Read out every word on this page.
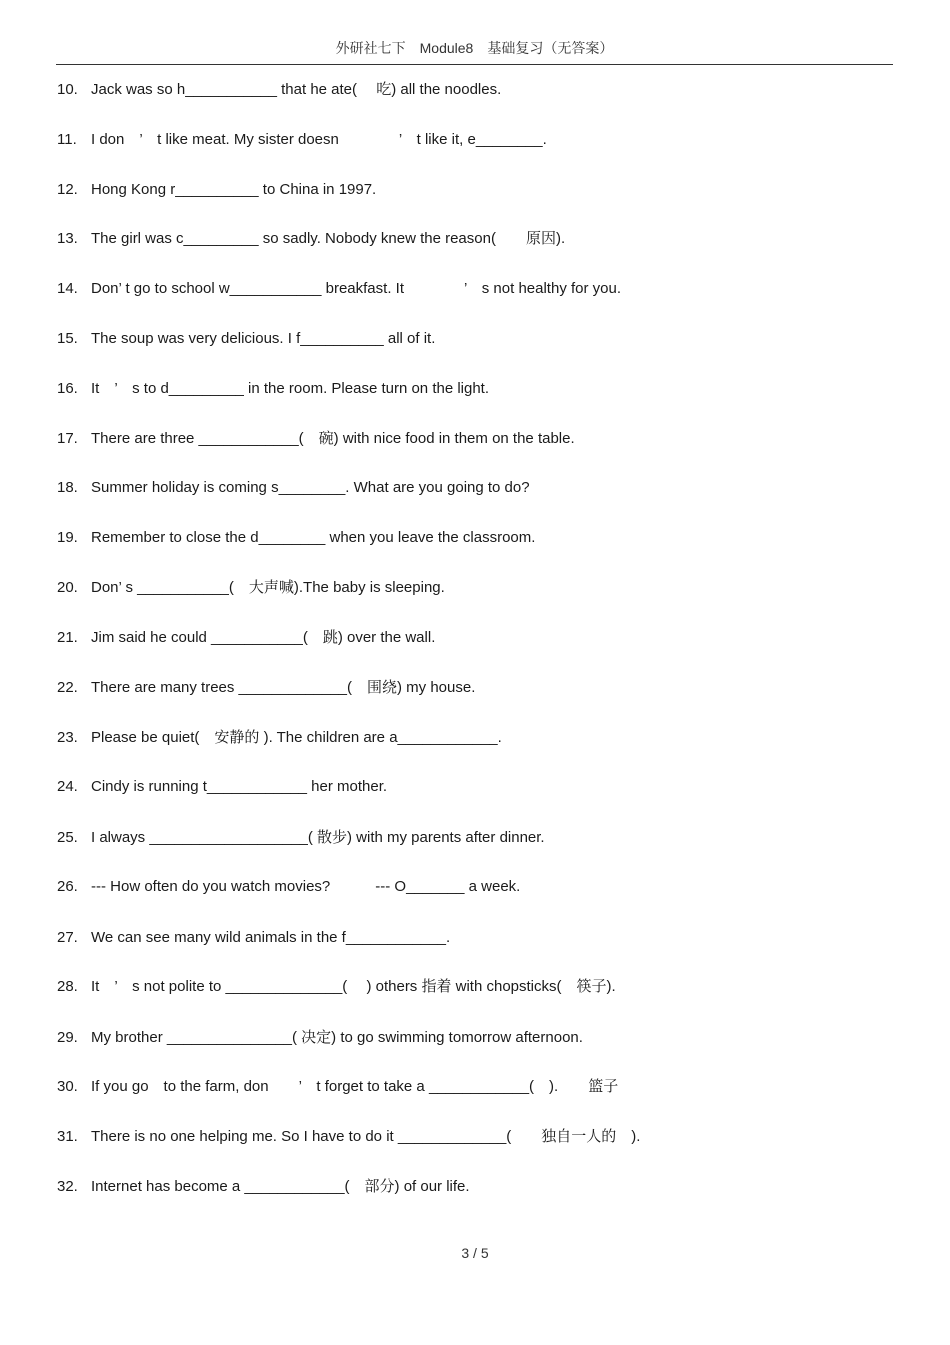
外研社七下　Module8　基础复习（无答案）
10. Jack was so h___________ that he ate(　 吃) all the noodles.
11. I don　’　t like meat. My sister doesn　　　　’　t like it, e________.
12. Hong Kong r__________ to China in 1997.
13. The girl was c_________ so sadly. Nobody knew the reason(　　原因).
14. Don’ t go to school w___________ breakfast. It　　　　’　s not healthy for you.
15. The soup was very delicious. I f__________ all of it.
16. It　’　s to d_________ in the room. Please turn on the light.
17. There are three ____________(　碗) with nice food in them on the table.
18. Summer holiday is coming s________. What are you going to do?
19. Remember to close the d________ when you leave the classroom.
20. Don’ s ___________(　大声喊).The baby is sleeping.
21. Jim said he could ___________(　跳) over the wall.
22. There are many trees _____________(　围绕) my house.
23. Please be quiet(　安静的 ). The children are a____________.
24. Cindy is running t____________ her mother.
25. I always ___________________( 散步) with my parents after dinner.
26. --- How often do you watch movies?　　　--- O_______ a week.
27. We can see many wild animals in the f____________.
28. It　’　s not polite to ______________(　 ) others 指着 with chopsticks(　筷子).
29. My brother _______________( 决定) to go swimming tomorrow afternoon.
30. If you go　to the farm, don　　’　t forget to take a ____________(　).　　篮子
31. There is no one helping me. So I have to do it _____________(　　独自一人的　).
32. Internet has become a ____________(　部分) of our life.
3 / 5
